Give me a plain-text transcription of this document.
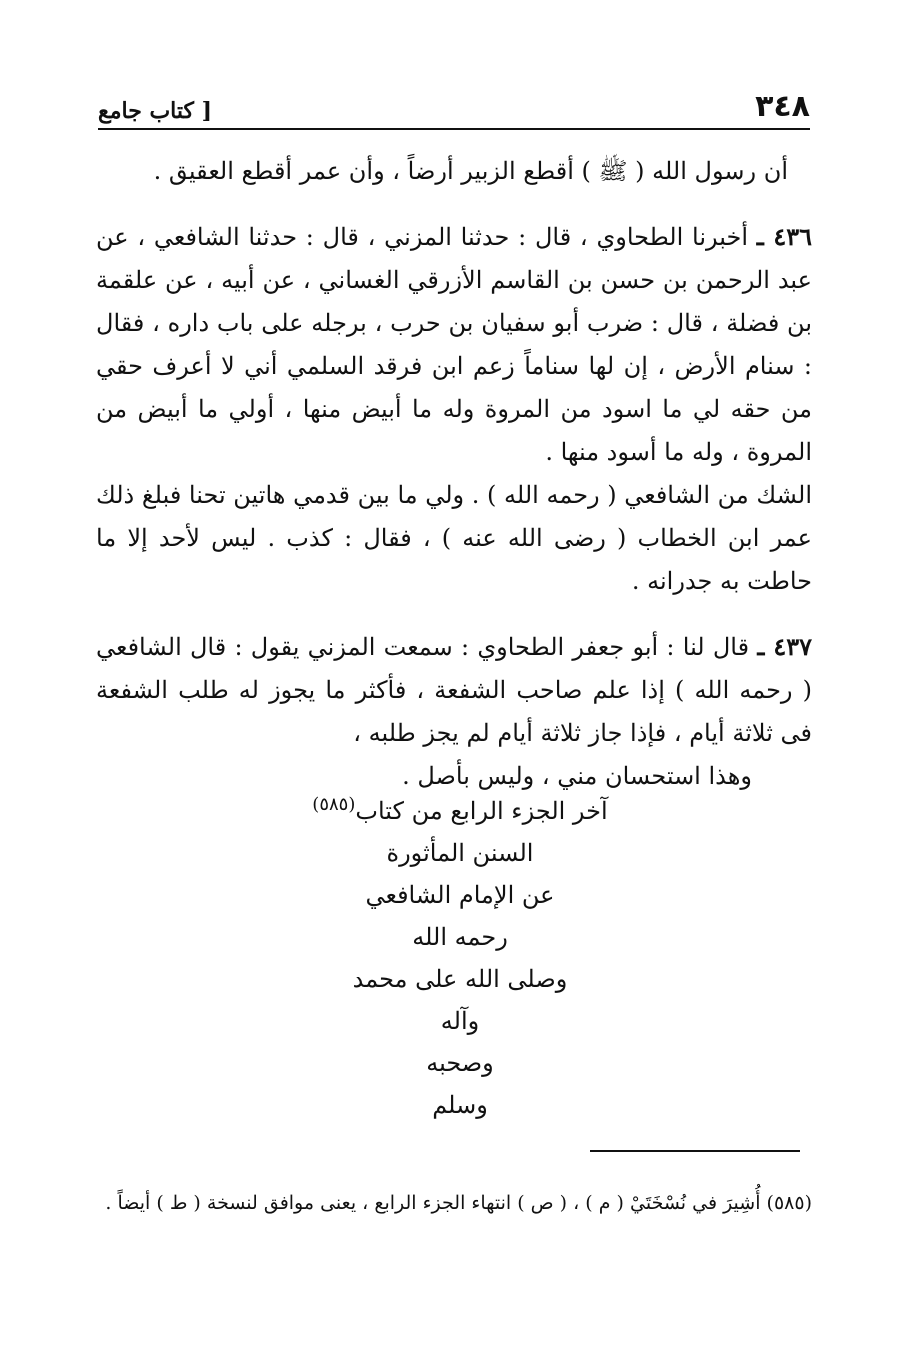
٣٤٨
[ كتاب جامع

أن رسول الله ( ﷺ ) أقطع الزبير أرضاً ، وأن عمر أقطع العقيق .

٤٣٦ ـ أخبرنا الطحاوي ، قال : حدثنا المزني ، قال : حدثنا الشافعي ، عن عبد الرحمن بن حسن بن القاسم الأزرقي الغساني ، عن أبيه ، عن علقمة بن فضلة ، قال : ضرب أبو سفيان بن حرب ، برجله على باب داره ، فقال : سنام الأرض ، إن لها سناماً زعم ابن فرقد السلمي أني لا أعرف حقي من حقه لي ما اسود من المروة وله ما أبيض منها ، أولي ما أبيض من المروة ، وله ما أسود منها .

الشك من الشافعي ( رحمه الله ) . ولي ما بين قدمي هاتين تحنا فبلغ ذلك عمر ابن الخطاب ( رضى الله عنه ) ، فقال : كذب . ليس لأحد إلا ما حاطت به جدرانه .

٤٣٧ ـ قال لنا : أبو جعفر الطحاوي : سمعت المزني يقول : قال الشافعي ( رحمه الله ) إذا علم صاحب الشفعة ، فأكثر ما يجوز له طلب الشفعة فى ثلاثة أيام ، فإذا جاز ثلاثة أيام لم يجز طلبه ،

وهذا استحسان مني ، وليس بأصل .

آخر الجزء الرابع من كتاب$^{(٥٨٥)}$
السنن المأثورة
عن الإمام الشافعي
رحمه الله
وصلى الله على محمد
وآله
وصحبه
وسلم
(٥٨٥) أُشِيرَ في نُسْخَتَيْ ( م ) ، ( ص ) انتهاء الجزء الرابع ، يعنى موافق لنسخة ( ط ) أيضاً .
